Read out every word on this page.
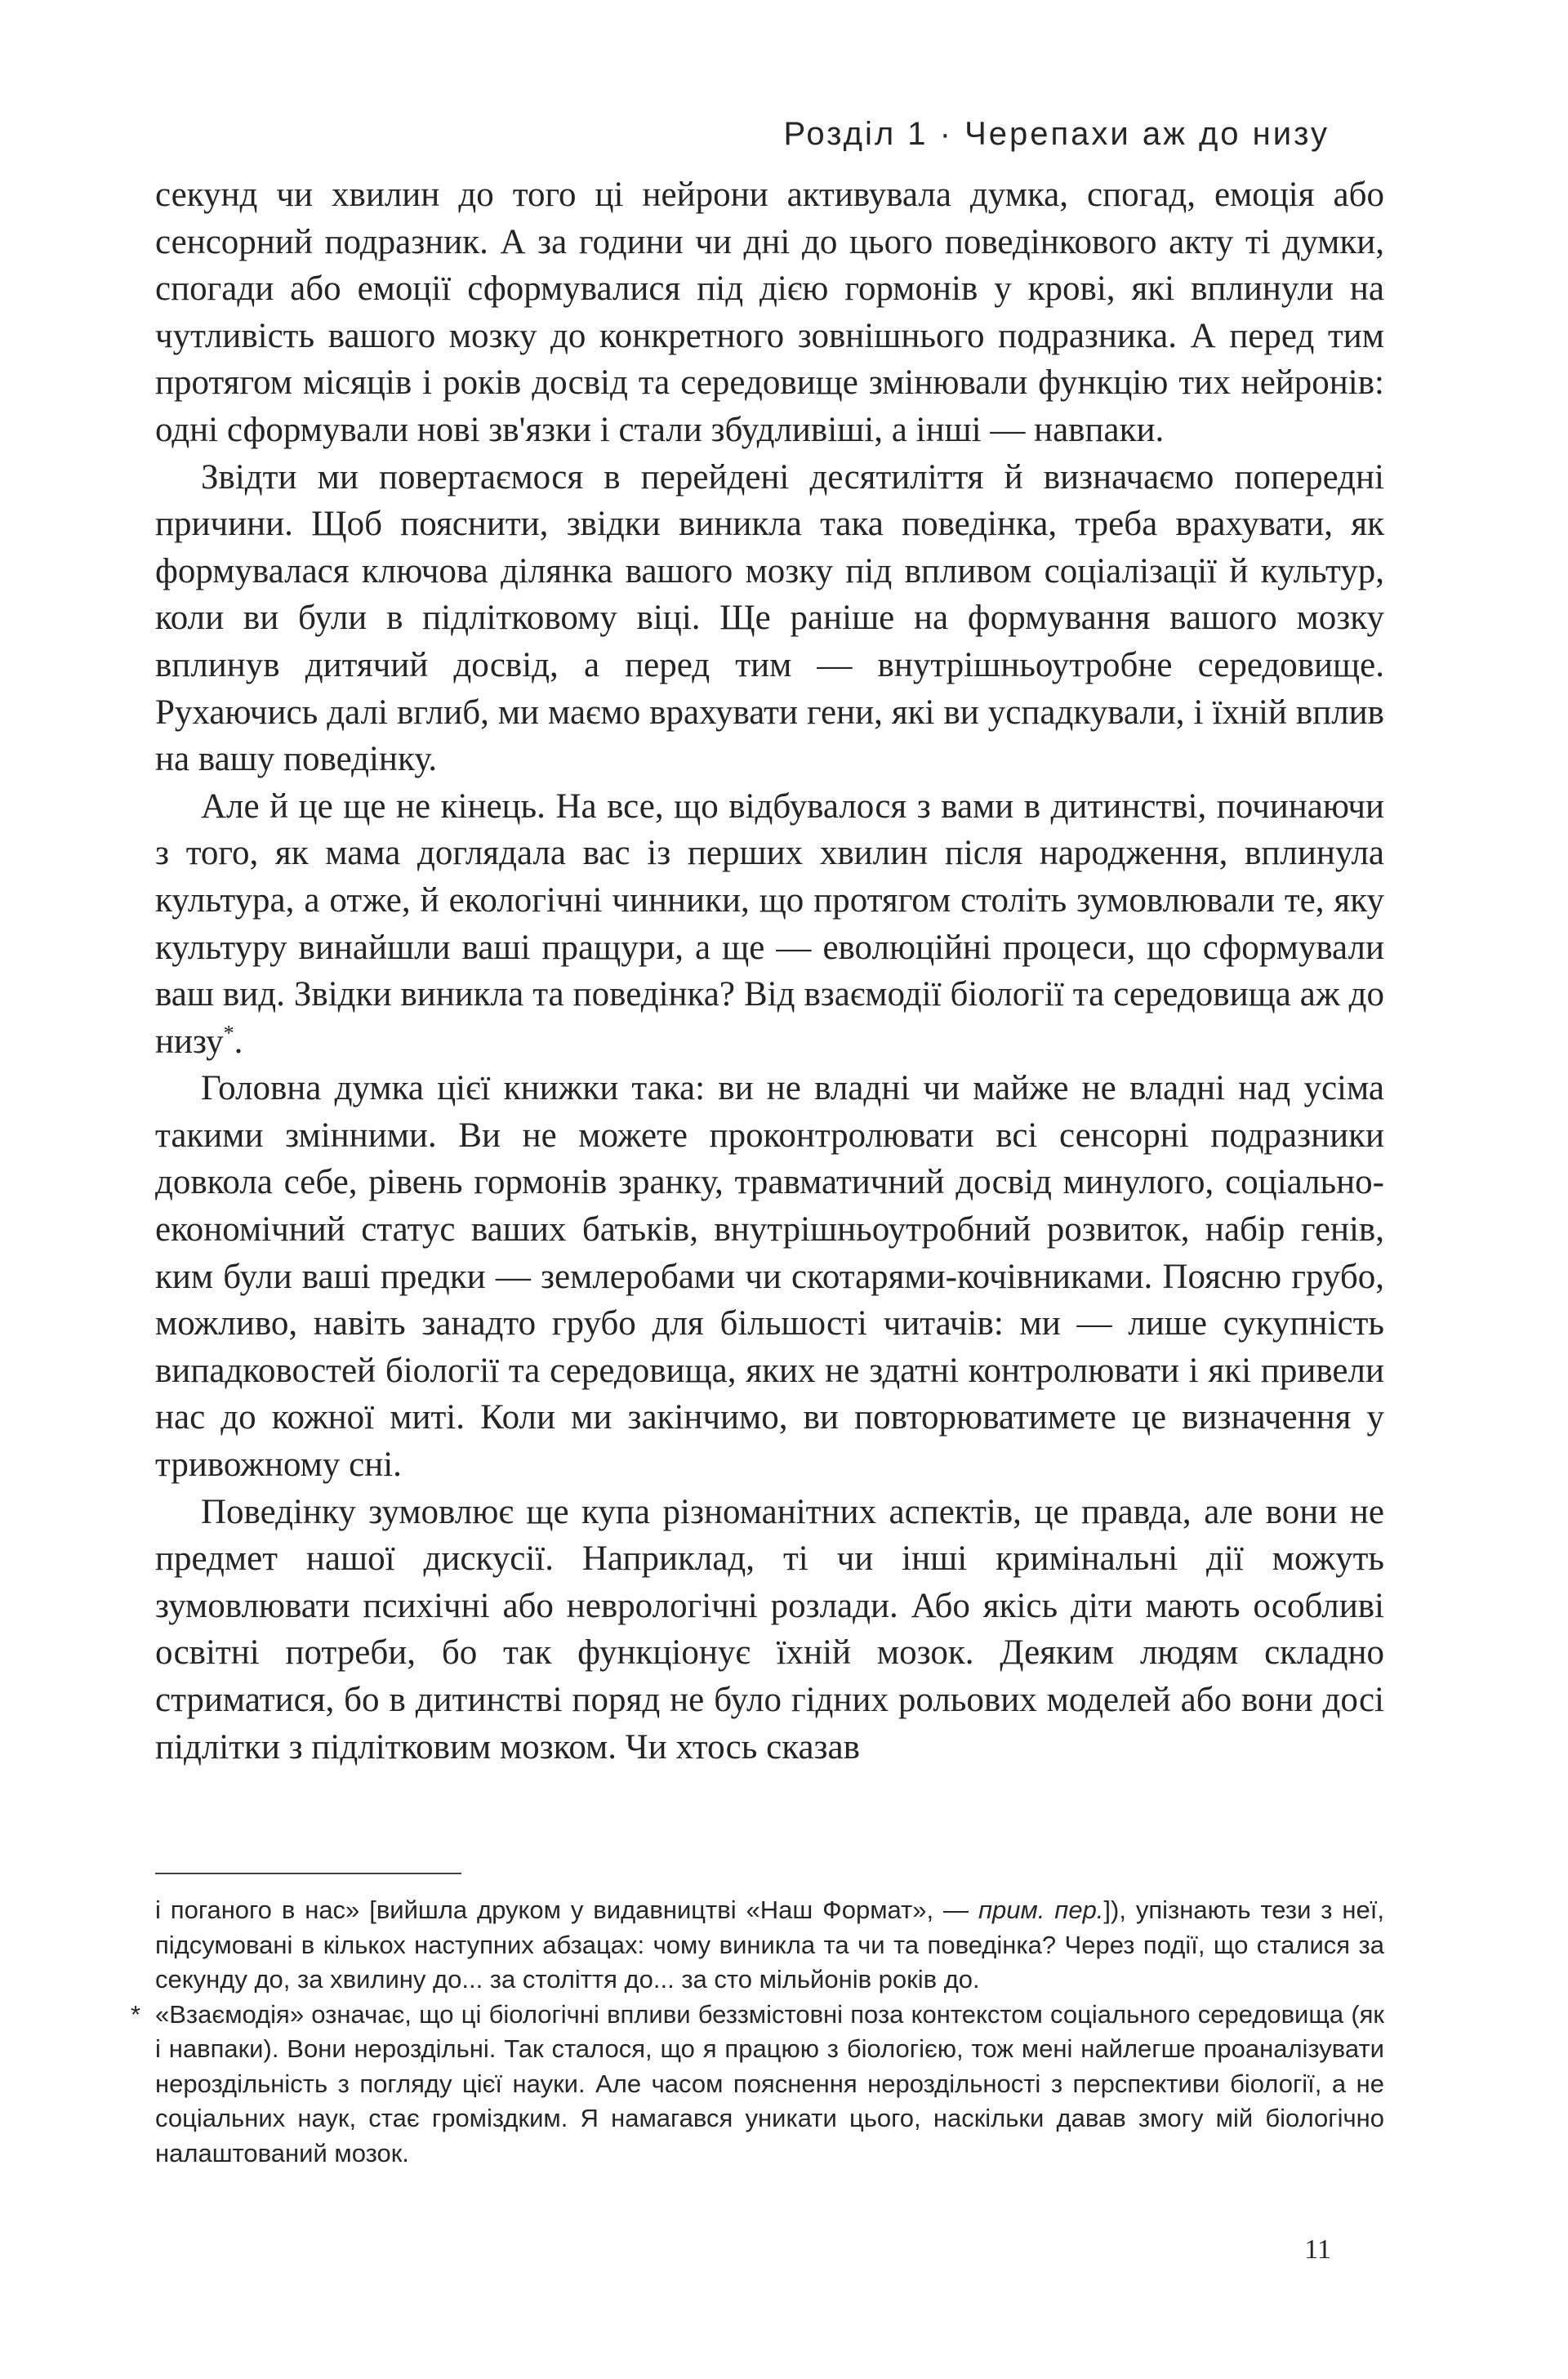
Розділ 1 · Черепахи аж до низу

секунд чи хвилин до того ці нейрони активувала думка, спогад, емоція або сенсорний подразник. А за години чи дні до цього поведінкового акту ті думки, спогади або емоції сформувалися під дією гормонів у крові, які вплинули на чутливість вашого мозку до конкретного зовнішнього подразника. А перед тим протягом місяців і років досвід та середовище змінювали функцію тих нейронів: одні сформували нові зв'язки і стали збудливіші, а інші — навпаки.

Звідти ми повертаємося в перейдені десятиліття й визначаємо попередні причини. Щоб пояснити, звідки виникла така поведінка, треба врахувати, як формувалася ключова ділянка вашого мозку під впливом соціалізації й культур, коли ви були в підлітковому віці. Ще раніше на формування вашого мозку вплинув дитячий досвід, а перед тим — внутрішньоутробне середовище. Рухаючись далі вглиб, ми маємо врахувати гени, які ви успадкували, і їхній вплив на вашу поведінку.

Але й це ще не кінець. На все, що відбувалося з вами в дитинстві, починаючи з того, як мама доглядала вас із перших хвилин після народження, вплинула культура, а отже, й екологічні чинники, що протягом століть зумовлювали те, яку культуру винайшли ваші пращури, а ще — еволюційні процеси, що сформували ваш вид. Звідки виникла та поведінка? Від взаємодії біології та середовища аж до низу*.

Головна думка цієї книжки така: ви не владні чи майже не владні над усіма такими змінними. Ви не можете проконтролювати всі сенсорні подразники довкола себе, рівень гормонів зранку, травматичний досвід минулого, соціально-економічний статус ваших батьків, внутрішньоутробний розвиток, набір генів, ким були ваші предки — землеробами чи скотарями-кочівниками. Поясню грубо, можливо, навіть занадто грубо для більшості читачів: ми — лише сукупність випадковостей біології та середовища, яких не здатні контролювати і які привели нас до кожної миті. Коли ми закінчимо, ви повторюватимете це визначення у тривожному сні.

Поведінку зумовлює ще купа різноманітних аспектів, це правда, але вони не предмет нашої дискусії. Наприклад, ті чи інші кримінальні дії можуть зумовлювати психічні або неврологічні розлади. Або якісь діти мають особливі освітні потреби, бо так функціонує їхній мозок. Деяким людям складно стриматися, бо в дитинстві поряд не було гідних рольових моделей або вони досі підлітки з підлітковим мозком. Чи хтось сказав

і поганого в нас» [вийшла друком у видавництві «Наш Формат», — прим. пер.]), упізнають тези з неї, підсумовані в кількох наступних абзацах: чому виникла та чи та поведінка? Через події, що сталися за секунду до, за хвилину до... за століття до... за сто мільйонів років до.

* «Взаємодія» означає, що ці біологічні впливи беззмістовні поза контекстом соціального середовища (як і навпаки). Вони нероздільні. Так сталося, що я працюю з біологією, тож мені найлегше проаналізувати нероздільність з погляду цієї науки. Але часом пояснення нероздільності з перспективи біології, а не соціальних наук, стає громіздким. Я намагався уникати цього, наскільки давав змогу мій біологічно налаштований мозок.

11
